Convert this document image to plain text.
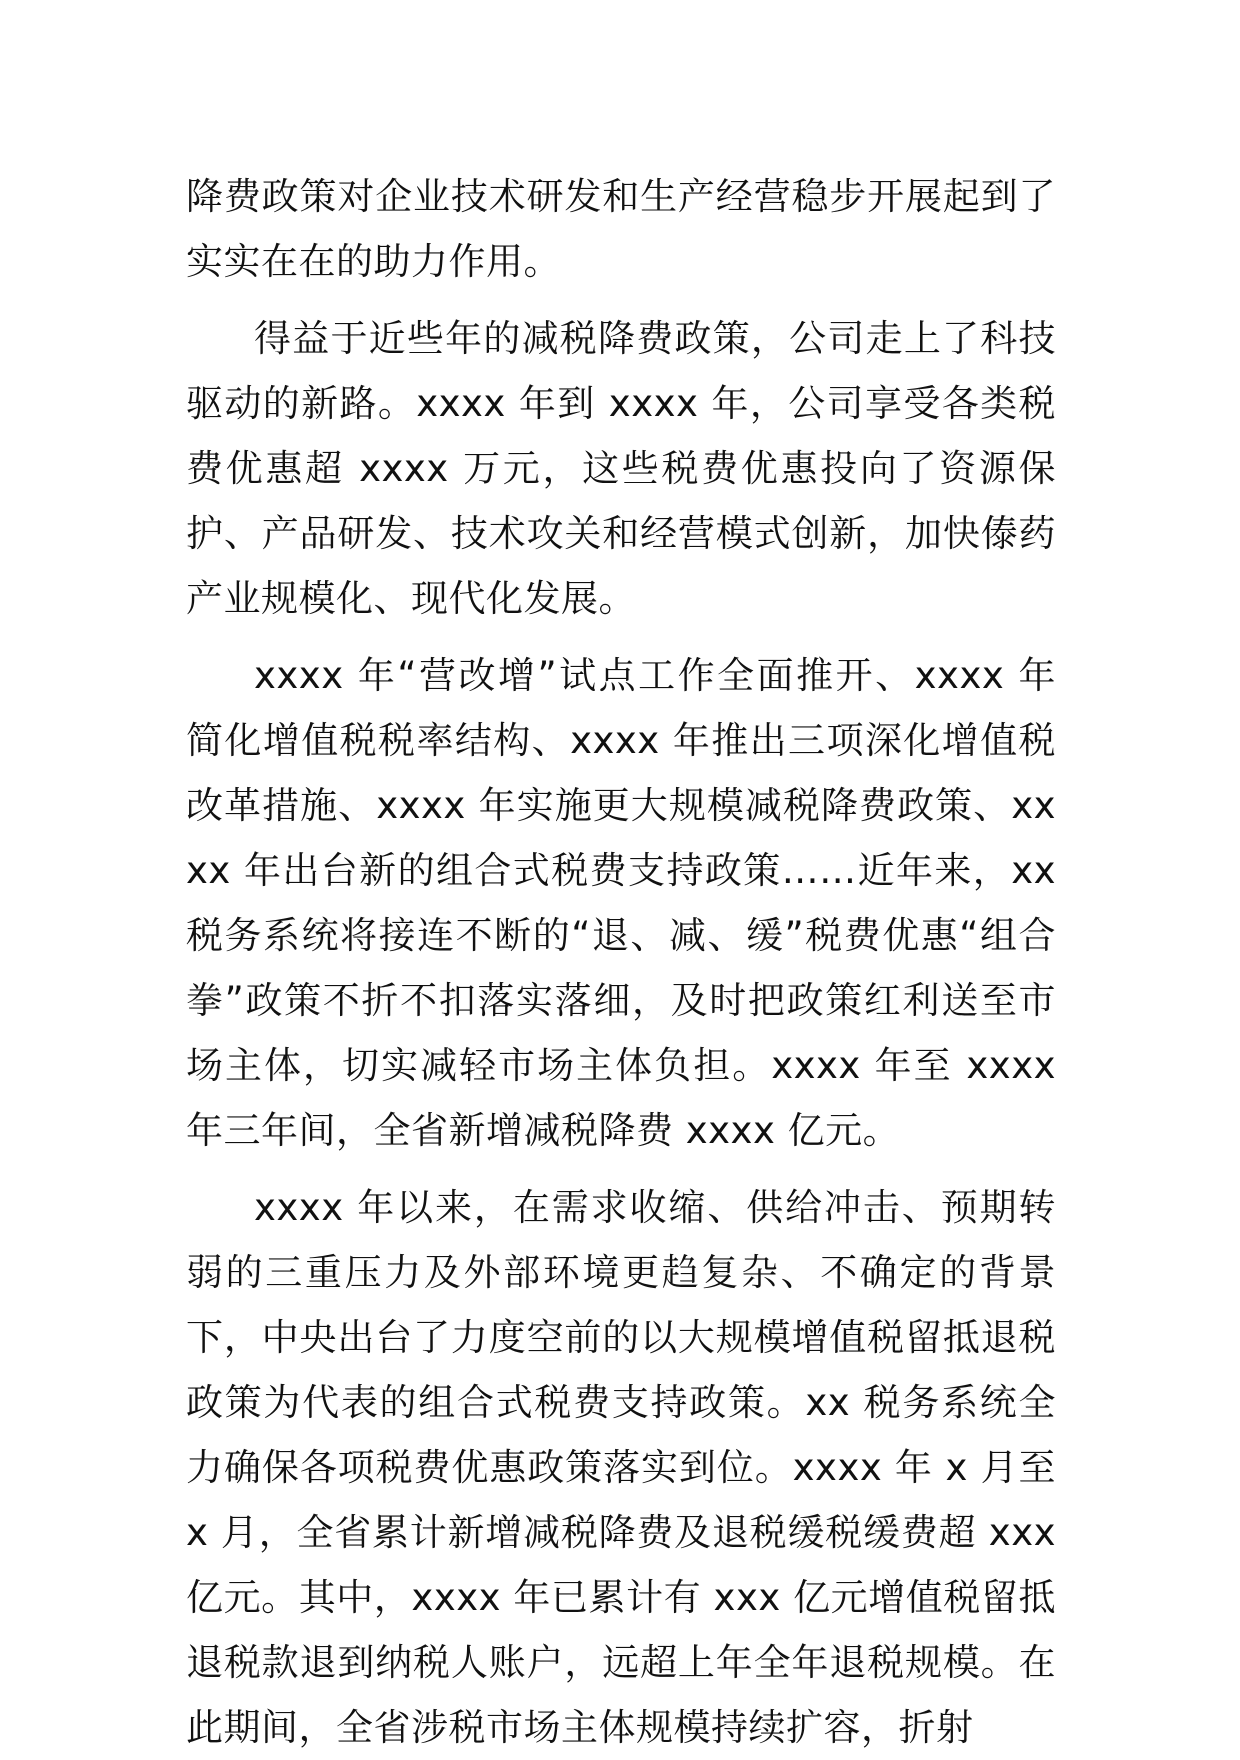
降费政策对企业技术研发和生产经营稳步开展起到了实实在在的助力作用。

得益于近些年的减税降费政策，公司走上了科技驱动的新路。xxxx 年到 xxxx 年，公司享受各类税费优惠超 xxxx 万元，这些税费优惠投向了资源保护、产品研发、技术攻关和经营模式创新，加快傣药产业规模化、现代化发展。

xxxx 年“营改增”试点工作全面推开、xxxx 年简化增值税税率结构、xxxx 年推出三项深化增值税改革措施、xxxx 年实施更大规模减税降费政策、xxxx 年出台新的组合式税费支持政策……近年来，xx 税务系统将接连不断的“退、减、缓”税费优惠“组合拳”政策不折不扣落实落细，及时把政策红利送至市场主体，切实减轻市场主体负担。xxxx 年至 xxxx 年三年间，全省新增减税降费 xxxx 亿元。

xxxx 年以来，在需求收缩、供给冲击、预期转弱的三重压力及外部环境更趋复杂、不确定的背景下，中央出台了力度空前的以大规模增值税留抵退税政策为代表的组合式税费支持政策。xx 税务系统全力确保各项税费优惠政策落实到位。xxxx 年 x 月至 x 月，全省累计新增减税降费及退税缓税缓费超 xxx 亿元。其中，xxxx 年已累计有 xxx 亿元增值税留抵退税款退到纳税人账户，远超上年全年退税规模。在此期间，全省涉税市场主体规模持续扩容，折射
